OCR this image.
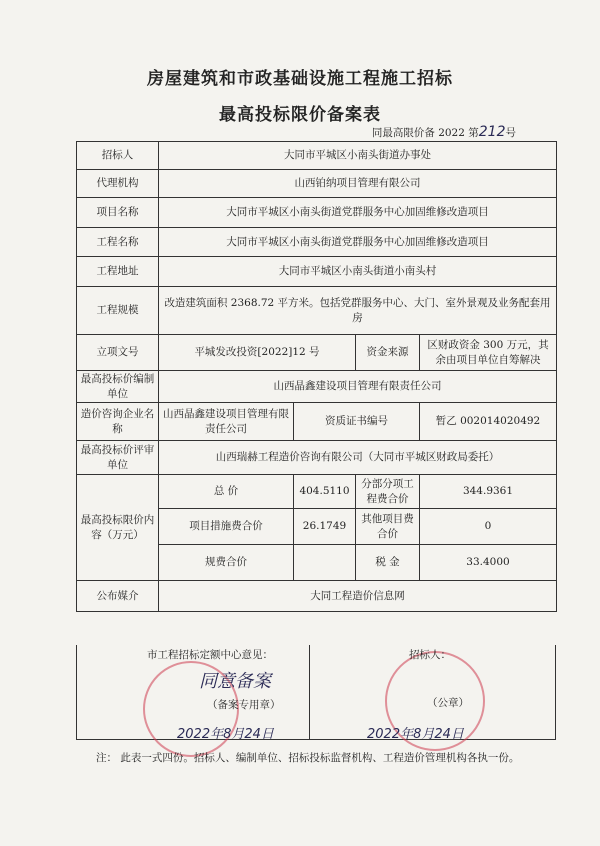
房屋建筑和市政基础设施工程施工招标
最高投标限价备案表
同最高限价备 2022 第212号
招标人	大同市平城区小南头街道办事处			
代理机构	山西铂纳项目管理有限公司			
项目名称	大同市平城区小南头街道党群服务中心加固维修改造项目			
工程名称	大同市平城区小南头街道党群服务中心加固维修改造项目			
工程地址	大同市平城区小南头街道小南头村			
工程规模	改造建筑面积 2368.72 平方米。包括党群服务中心、大门、室外景观及业务配套用房			
立项文号	平城发改投资[2022]12 号		资金来源	区财政资金 300 万元，其余由项目单位自筹解决
最高投标价编制单位	山西晶鑫建设项目管理有限责任公司			
造价咨询企业名称	山西晶鑫建设项目管理有限责任公司	资质证书编号		暂乙 002014020492
最高投标价评审单位	山西瑞赫工程造价咨询有限公司（大同市平城区财政局委托）			
最高投标限价内容（万元）	总 价	404.5110	分部分项工程费合价	344.9361
	项目措施费合价	26.1749	其他项目费合价	0
	规费合价		税 金	33.4000
公布媒介	大同工程造价信息网			
市工程招标定额中心意见：
同意备案
（备案专用章）
2022年8月24日
招标人：
（公章）
2022年8月24日
注： 此表一式四份。招标人、编制单位、招标投标监督机构、工程造价管理机构各执一份。
